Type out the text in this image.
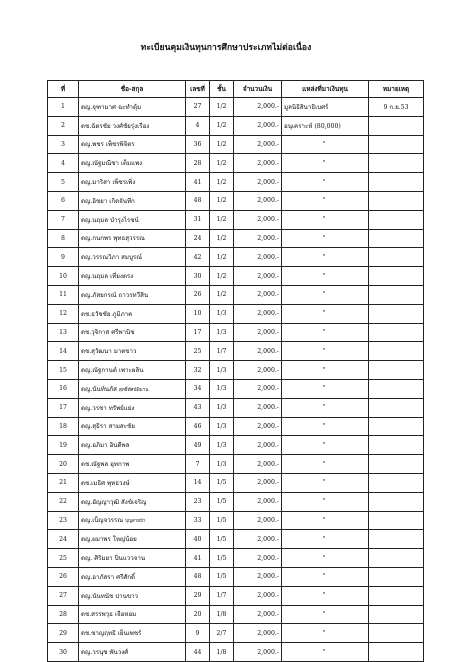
ทะเบียนคุมเงินทุนการศึกษาประเภทไม่ต่อเนื่อง
ที่	ชื่อ-สกุล	เลขที่	ชั้น	จำนวนเงิน	แหล่งที่มาเงินทุน	หมายเหตุ
1	ดญ.จุฑามาศ ฉะทำตุ้ม	27	1/2	2,000.-	มูลนิธิสินาธิเบศร์	9 ก.ย.53
2	ดช.ฉัตรชัย วงศ์ชัยรุ่งเรือง	4	1/2	2,000.-	อนุเคราะห์ (80,000)	
3	ดญ.พชร เพ็ชรพิจิตร	36	1/2	2,000.-	"	
4	ดญ.ณัฐมณีชา เต็มแพง	28	1/2	2,000.-	"	
5	ดญ.มาริสา เพ็ชรเพิ่ง	41	1/2	2,000.-	"	
6	ดญ.อิชยา เกิดจันทึก	48	1/2	2,000.-	"	
7	ดญ.นฤมล บำรุงไรชน์	31	1/2	2,000.-	"	
8	ดญ.กนกพร พุทธสุวรรณ	24	1/2	2,000.-	"	
9	ดญ.วรรณวิภา สมบูรณ์	42	1/2	2,000.-	"	
10	ดญ.นฤมล เที่ยงตรง	30	1/2	2,000.-	"	
11	ดญ.ภัสยกรณ์ ถาวรทวีสิน	26	1/2	2,000.-	"	
12	ดช.ธวัชชัย ภูมิภาค	10	1/3	2,000.-	"	
13	ดช.วุจิกาส ศรีพานิช	17	1/3	2,000.-	"	
14	ดช.สุวัฒนา มาตขาว	25	1/7	2,000.-	"	
15	ดญ.ณัฐกานต์ เพาะผลิน	32	1/3	2,000.-	"	
16	ดญ.นันท์นภัส สุทธิ์ทัศน์พิมาน	34	1/3	2,000.-	"	
17	ดญ.วรชา ทรัพย์แย่ง	43	1/3	2,000.-	"	
18	ดญ.สุธิรา สามสะชัย	46	1/3	2,000.-	"	
19	ดญ.อภิมา อินดีพล	49	1/3	2,000.-	"	
20	ดช.ณัฐพล อุทกาพ	7	1/3	2,000.-	"	
21	ดช.เมธิศ พุทธวงษ์	14	1/5	2,000.-	"	
22	ดญ.อัญญาวุฒิ สังข์เจริญ	23	1/5	2,000.-	"	
23	ดญ.เบ็ญจวรรณ บุญสายบ้า	33	1/5	2,000.-	"	
24	ดญ.ผมาพร ใหญ่น้อย	40	1/5	2,000.-	"	
25	ดญ. ศิริมยา ปิ่นแววจาน	41	1/5	2,000.-	"	
26	ดญ.อาภัสรา ศรีศักดิ์	48	1/5	2,000.-	"	
27	ดญ.นันทนัช ปานขาว	29	1/7	2,000.-	"	
28	ดช.สรรพวุธ เจือหอม	20	1/8	2,000.-	"	
29	ดช.ชาญฤทธิ เย็นเพชร์	9	2/7	2,000.-	"	
30	ดญ.วรนุช พันวงศ์	44	1/8	2,000.-	"	
